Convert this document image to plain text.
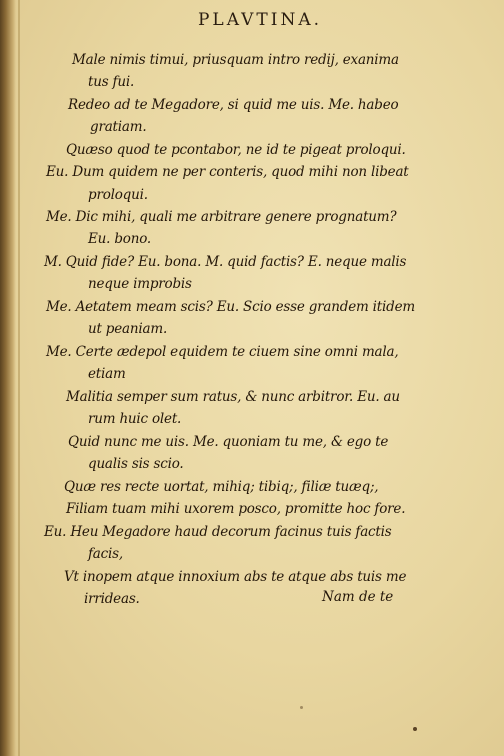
PLAVTINA.
Male nimis timui, priusquam intro redij, exanima
tus fui.
Redeo ad te Megadore, si quid me uis. Me. habeo
gratiam.
Quæso quod te pcontabor, ne id te pigeat proloqui.
Eu. Dum quidem ne per conteris, quod mihi non libeat
proloqui.
Me. Dic mihi, quali me arbitrare genere prognatum?
Eu. bono.
M. Quid fide? Eu. bona. M. quid factis? E. neque malis
neque improbis
Me. Aetatem meam scis? Eu. Scio esse grandem itidem
ut peaniam.
Me. Certe ædepol equidem te ciuem sine omni mala,
etiam
Malitia semper sum ratus, & nunc arbitror. Eu. au
rum huic olet.
Quid nunc me uis. Me. quoniam tu me, & ego te
qualis sis scio.
Quæ res recte uortat, mihiq; tibiq;, filiæ tuæq;,
Filiam tuam mihi uxorem posco, promitte hoc fore.
Eu. Heu Megadore haud decorum facinus tuis factis
facis,
Vt inopem atque innoxium abs te atque abs tuis me
irrideas.	Nam de te
